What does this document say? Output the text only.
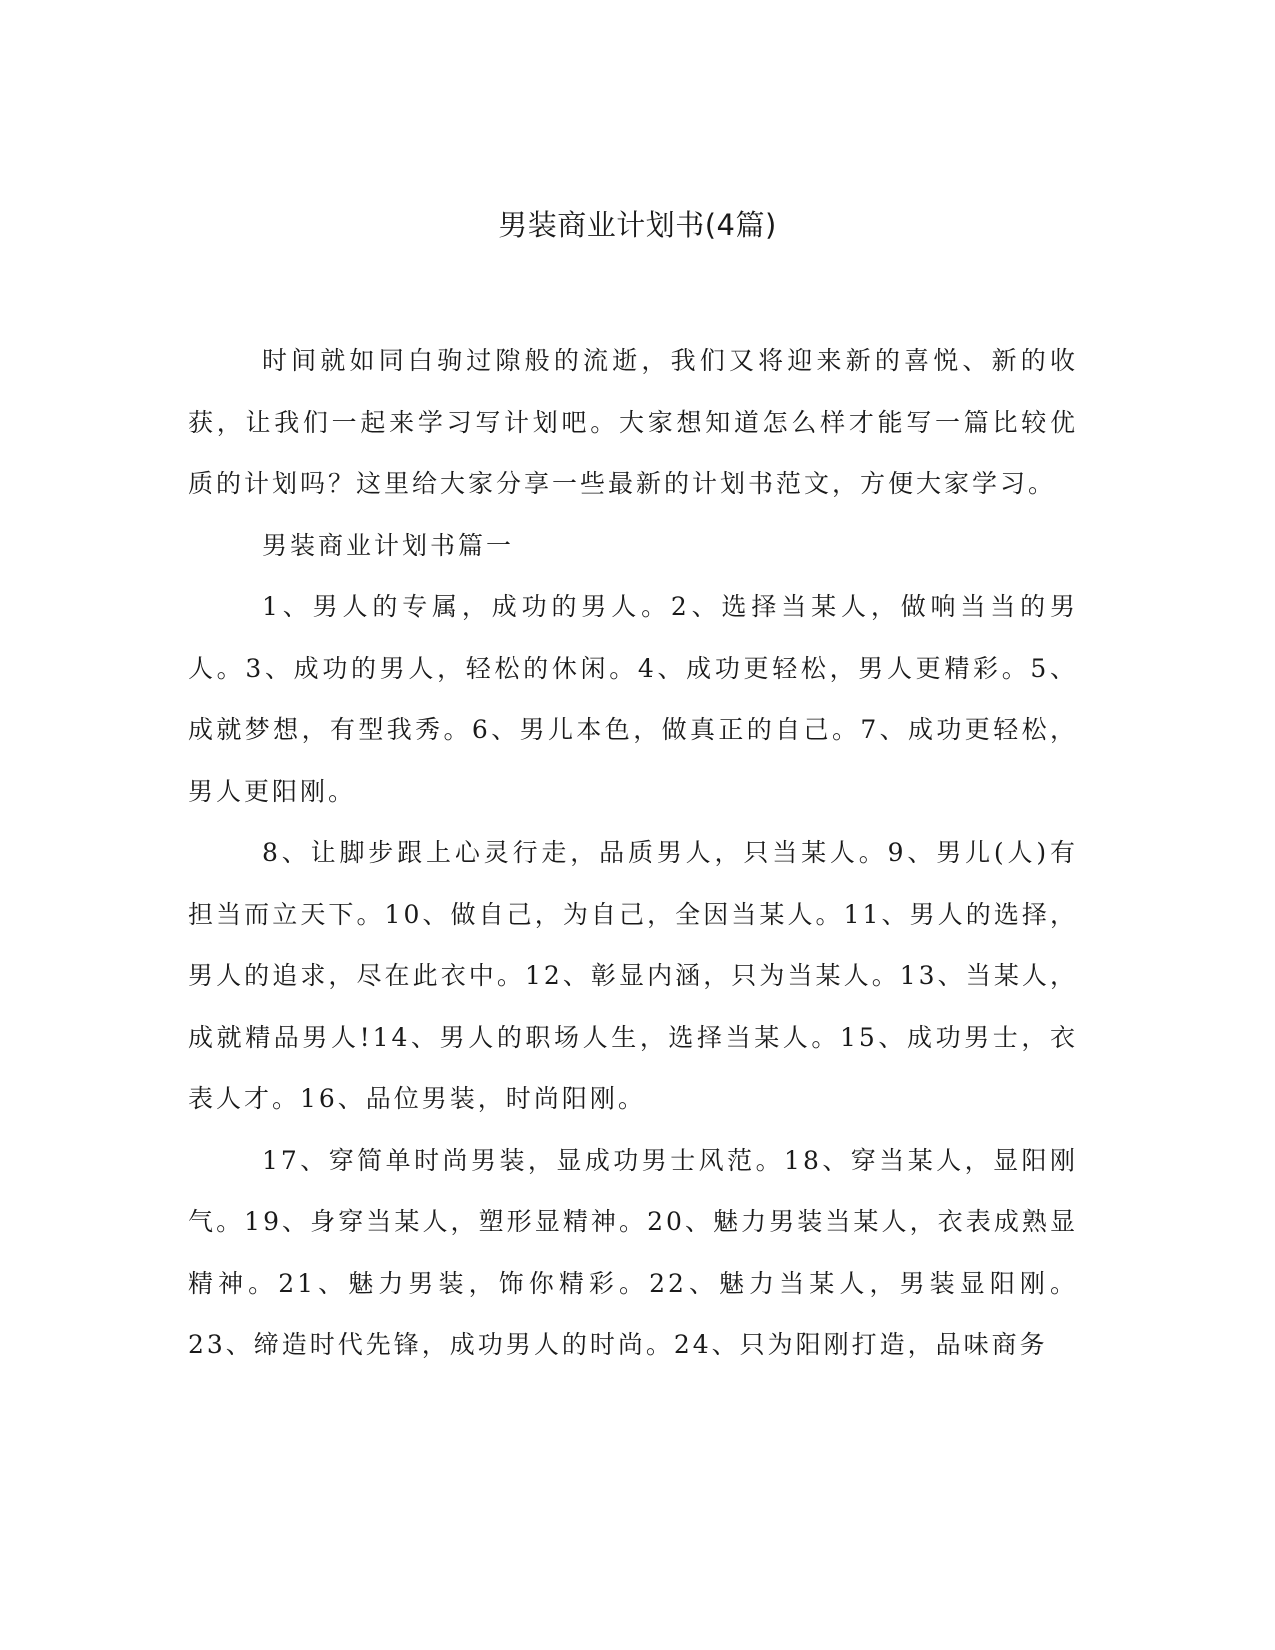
男装商业计划书(4篇)

时间就如同白驹过隙般的流逝，我们又将迎来新的喜悦、新的收获，让我们一起来学习写计划吧。大家想知道怎么样才能写一篇比较优质的计划吗？这里给大家分享一些最新的计划书范文，方便大家学习。

男装商业计划书篇一

1、男人的专属，成功的男人。2、选择当某人，做响当当的男人。3、成功的男人，轻松的休闲。4、成功更轻松，男人更精彩。5、成就梦想，有型我秀。6、男儿本色，做真正的自己。7、成功更轻松，男人更阳刚。

8、让脚步跟上心灵行走，品质男人，只当某人。9、男儿(人)有担当而立天下。10、做自己，为自己，全因当某人。11、男人的选择，男人的追求，尽在此衣中。12、彰显内涵，只为当某人。13、当某人，成就精品男人!14、男人的职场人生，选择当某人。15、成功男士，衣表人才。16、品位男装，时尚阳刚。

17、穿简单时尚男装，显成功男士风范。18、穿当某人，显阳刚气。19、身穿当某人，塑形显精神。20、魅力男装当某人，衣表成熟显精神。21、魅力男装，饰你精彩。22、魅力当某人，男装显阳刚。23、缔造时代先锋，成功男人的时尚。24、只为阳刚打造，品味商务
